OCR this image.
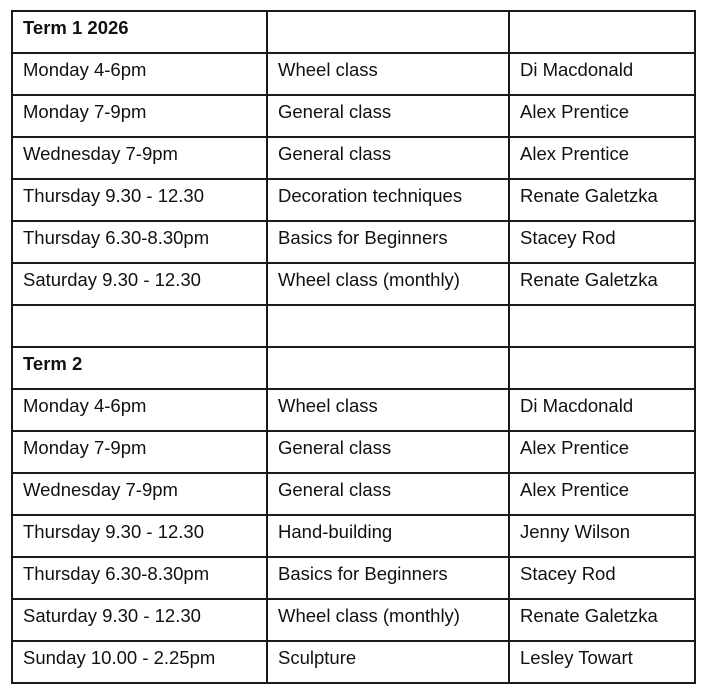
Term 1 2026		

Monday 4-6pm	Wheel class	Di Macdonald

Monday 7-9pm	General class	Alex Prentice

Wednesday 7-9pm	General class	Alex Prentice

Thursday 9.30 - 12.30	Decoration techniques	Renate Galetzka

Thursday 6.30-8.30pm	Basics for Beginners	Stacey Rod

Saturday 9.30 - 12.30	Wheel class (monthly)	Renate Galetzka

Term 2		

Monday 4-6pm	Wheel class	Di Macdonald

Monday 7-9pm	General class	Alex Prentice

Wednesday 7-9pm	General class	Alex Prentice

Thursday 9.30 - 12.30	Hand-building	Jenny Wilson

Thursday 6.30-8.30pm	Basics for Beginners	Stacey Rod

Saturday 9.30 - 12.30	Wheel class (monthly)	Renate Galetzka

Sunday 10.00 - 2.25pm	Sculpture	Lesley Towart
